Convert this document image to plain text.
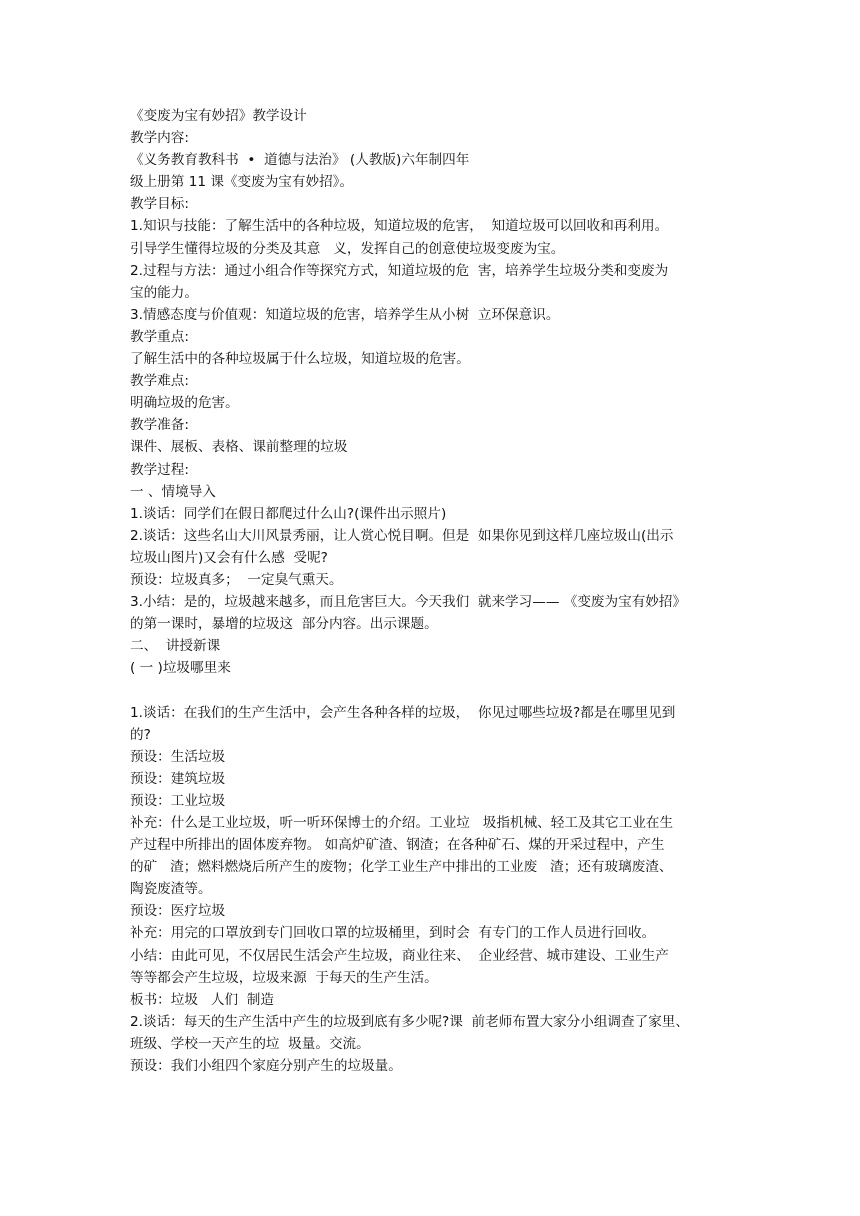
《变废为宝有妙招》教学设计
教学内容:
《义务教育教科书  •  道德与法治》 (人教版)六年制四年
级上册第 11 课《变废为宝有妙招》。
教学目标:
1.知识与技能：了解生活中的各种垃圾，知道垃圾的危害，  知道垃圾可以回收和再利用。
引导学生懂得垃圾的分类及其意   义，发挥自己的创意使垃圾变废为宝。
2.过程与方法：通过小组合作等探究方式，知道垃圾的危  害，培养学生垃圾分类和变废为
宝的能力。
3.情感态度与价值观：知道垃圾的危害，培养学生从小树  立环保意识。
教学重点:
了解生活中的各种垃圾属于什么垃圾，知道垃圾的危害。
教学难点:
明确垃圾的危害。
教学准备:
课件、展板、表格、课前整理的垃圾
教学过程:
一 、情境导入
1.谈话：同学们在假日都爬过什么山?(课件出示照片)
2.谈话：这些名山大川风景秀丽，让人赏心悦目啊。但是  如果你见到这样几座垃圾山(出示
垃圾山图片)又会有什么感  受呢?
预设：垃圾真多；  一定臭气熏天。
3.小结：是的，垃圾越来越多，而且危害巨大。今天我们  就来学习—— 《变废为宝有妙招》
的第一课时，暴增的垃圾这  部分内容。出示课题。
二、  讲授新课
( 一 )垃圾哪里来
1.谈话：在我们的生产生活中，会产生各种各样的垃圾，  你见过哪些垃圾?都是在哪里见到
的?
预设：生活垃圾
预设：建筑垃圾
预设：工业垃圾
补充：什么是工业垃圾，听一听环保博士的介绍。工业垃   圾指机械、轻工及其它工业在生
产过程中所排出的固体废弃物。 如高炉矿渣、钢渣；在各种矿石、煤的开采过程中，产生
的矿   渣；燃料燃烧后所产生的废物；化学工业生产中排出的工业废   渣；还有玻璃废渣、
陶瓷废渣等。
预设：医疗垃圾
补充：用完的口罩放到专门回收口罩的垃圾桶里，到时会  有专门的工作人员进行回收。
小结：由此可见，不仅居民生活会产生垃圾，商业往来、  企业经营、城市建设、工业生产
等等都会产生垃圾，垃圾来源  于每天的生产生活。
板书：垃圾   人们  制造
2.谈话：每天的生产生活中产生的垃圾到底有多少呢?课  前老师布置大家分小组调查了家里、
班级、学校一天产生的垃  圾量。交流。
预设：我们小组四个家庭分别产生的垃圾量。
